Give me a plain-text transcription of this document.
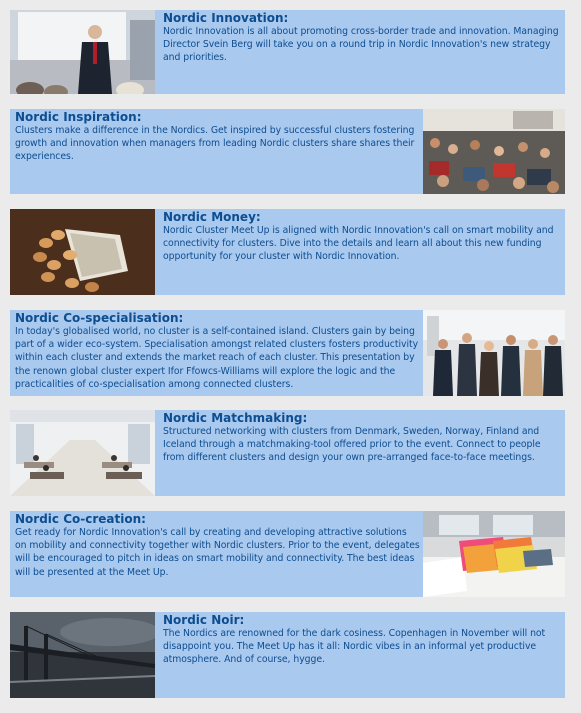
Nordic Innovation:

Nordic Innovation is all about promoting cross-border trade and innovation. Managing Director Svein Berg will take you on a round trip in Nordic Innovation's new strategy and priorities.

Nordic Inspiration:

Clusters make a difference in the Nordics. Get inspired by successful clusters fostering growth and innovation when managers from leading Nordic clusters share shares their experiences.

Nordic Money:

Nordic Cluster Meet Up is aligned with Nordic Innovation's call on smart mobility and connectivity for clusters. Dive into the details and learn all about this new funding opportunity for your cluster with Nordic Innovation.

Nordic Co-specialisation:

In today's globalised world, no cluster is a self-contained island. Clusters gain by being part of a wider eco-system. Specialisation amongst related clusters fosters productivity within each cluster and extends the market reach of each cluster. This presentation by the renown global cluster expert Ifor Ffowcs-Williams will explore the logic and the practicalities of co-specialisation among connected clusters.

Nordic Matchmaking:

Structured networking with clusters from Denmark, Sweden, Norway, Finland and Iceland through a matchmaking-tool offered prior to the event. Connect to people from different clusters and design your own pre-arranged face-to-face meetings.

Nordic Co-creation:

Get ready for Nordic Innovation's call by creating and developing attractive solutions on mobility and connectivity together with Nordic clusters. Prior to the event, delegates will be encouraged to pitch in ideas on smart mobility and connectivity. The best ideas will be presented at the Meet Up.

Nordic Noir:

The Nordics are renowned for the dark cosiness. Copenhagen in November will not disappoint you. The Meet Up has it all: Nordic vibes in an informal yet productive atmosphere. And of course, hygge.
